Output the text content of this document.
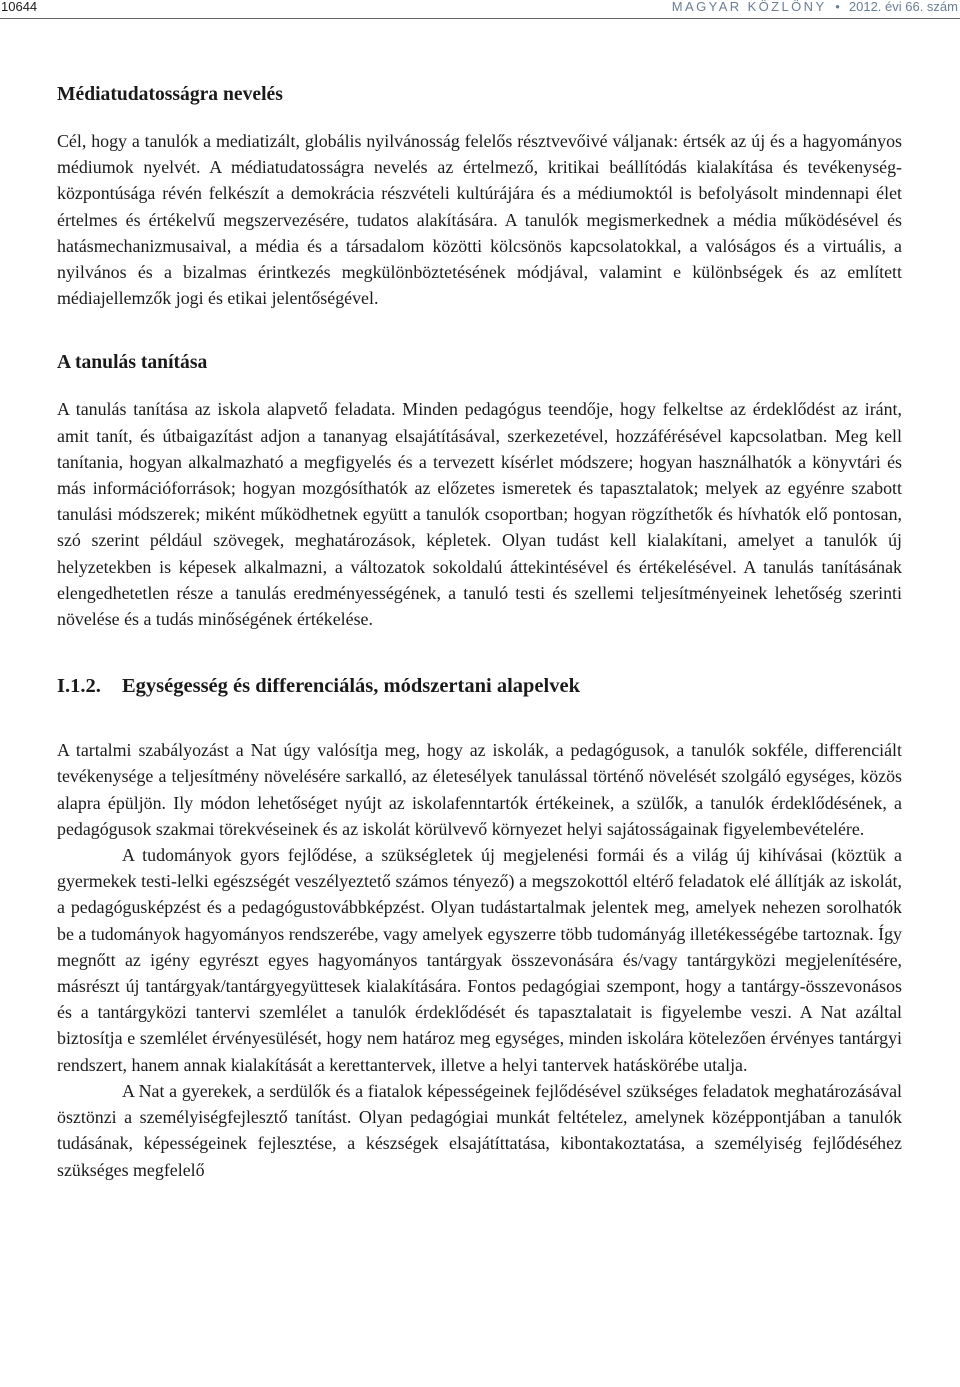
10644	MAGYAR KÖZLÖNY • 2012. évi 66. szám
Médiatudatosságra nevelés

Cél, hogy a tanulók a mediatizált, globális nyilvánosság felelős résztvevőivé váljanak: értsék az új és a hagyományos médiumok nyelvét. A médiatudatosságra nevelés az értelmező, kritikai beállítódás kialakítása és tevékenység-központúsága révén felkészít a demokrácia részvételi kultúrájára és a médiumoktól is befolyásolt mindennapi élet értelmes és értékelvű megszervezésére, tudatos alakítására. A tanulók megismerkednek a média működésével és hatásmechanizmusaival, a média és a társadalom közötti kölcsönös kapcsolatokkal, a valóságos és a virtuális, a nyilvános és a bizalmas érintkezés megkülönböztetésének módjával, valamint e különbségek és az említett médiajellemzők jogi és etikai jelentőségével.

A tanulás tanítása

A tanulás tanítása az iskola alapvető feladata. Minden pedagógus teendője, hogy felkeltse az érdeklődést az iránt, amit tanít, és útbaigazítást adjon a tananyag elsajátításával, szerkezetével, hozzáférésével kapcsolatban. Meg kell tanítania, hogyan alkalmazható a megfigyelés és a tervezett kísérlet módszere; hogyan használhatók a könyvtári és más információforrások; hogyan mozgósíthatók az előzetes ismeretek és tapasztalatok; melyek az egyénre szabott tanulási módszerek; miként működhetnek együtt a tanulók csoportban; hogyan rögzíthetők és hívhatók elő pontosan, szó szerint például szövegek, meghatározások, képletek. Olyan tudást kell kialakítani, amelyet a tanulók új helyzetekben is képesek alkalmazni, a változatok sokoldalú áttekintésével és értékelésével. A tanulás tanításának elengedhetetlen része a tanulás eredményességének, a tanuló testi és szellemi teljesítményeinek lehetőség szerinti növelése és a tudás minőségének értékelése.

I.1.2. Egységesség és differenciálás, módszertani alapelvek

A tartalmi szabályozást a Nat úgy valósítja meg, hogy az iskolák, a pedagógusok, a tanulók sokféle, differenciált tevékenysége a teljesítmény növelésére sarkalló, az életesélyek tanulással történő növelését szolgáló egységes, közös alapra épüljön. Ily módon lehetőséget nyújt az iskolafenntartók értékeinek, a szülők, a tanulók érdeklődésének, a pedagógusok szakmai törekvéseinek és az iskolát körülvevő környezet helyi sajátosságainak figyelembevételére.

A tudományok gyors fejlődése, a szükségletek új megjelenési formái és a világ új kihívásai (köztük a gyermekek testi-lelki egészségét veszélyeztető számos tényező) a megszokottól eltérő feladatok elé állítják az iskolát, a pedagógusképzést és a pedagógustovábbképzést. Olyan tudástartalmak jelentek meg, amelyek nehezen sorolhatók be a tudományok hagyományos rendszerébe, vagy amelyek egyszerre több tudományág illetékességébe tartoznak. Így megnőtt az igény egyrészt egyes hagyományos tantárgyak összevonására és/vagy tantárgyközi megjelenítésére, másrészt új tantárgyak/tantárgyegyüttesek kialakítására. Fontos pedagógiai szempont, hogy a tantárgy-összevonásos és a tantárgyközi tantervi szemlélet a tanulók érdeklődését és tapasztalatait is figyelembe veszi. A Nat azáltal biztosítja e szemlélet érvényesülését, hogy nem határoz meg egységes, minden iskolára kötelezően érvényes tantárgyi rendszert, hanem annak kialakítását a kerettantervek, illetve a helyi tantervek hatáskörébe utalja.

A Nat a gyerekek, a serdülők és a fiatalok képességeinek fejlődésével szükséges feladatok meghatározásával ösztönzi a személyiségfejlesztő tanítást. Olyan pedagógiai munkát feltételez, amelynek középpontjában a tanulók tudásának, képességeinek fejlesztése, a készségek elsajátíttatása, kibontakoztatása, a személyiség fejlődéséhez szükséges megfelelő
